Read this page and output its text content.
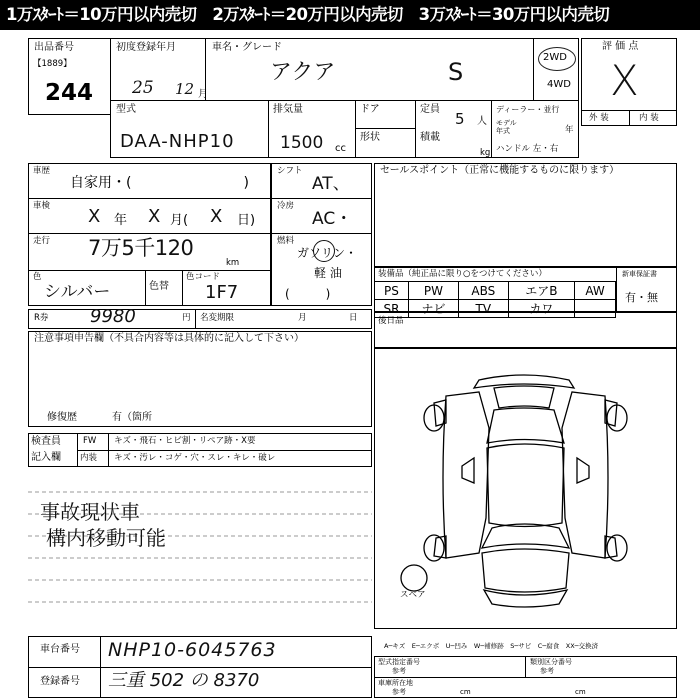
1万ｽﾀｰﾄ＝10万円以内売切　2万ｽﾀｰﾄ＝20万円以内売切　3万ｽﾀｰﾄ＝30万円以内売切
出品番号
【1889】
244
初度登録年月
25 12 月
車名・グレード
アクア	S
2WD
4WD
評 価 点
X
外 装	内 装
型式
DAA-NHP10
排気量
1500 cc
ドア
形状
定員
5 人
積載
kg
ディーラー・並行
モデル
年式	年
ハンドル 左・右
車歴
自家用・(　　　　　　　　)
車検 X 年 X 月( X 日)
走行 7万5千120
km
色
シルバー	色替
色コード
1F7
シフト
AT、
冷房
AC・
燃料
ガソリン・
軽 油
(　　　)
セールスポイント（正常に機能するものに限ります）
装備品（純正品に限り○をつけてください）
PS	PW	ABS	エアB	AW
SR	ナビ	TV	カワ	
新車保証書
有・無
R券 9980	円 名変期限	月	日 後日品
注意事項申告欄（不具合内容等は具体的に記入して下さい）
修復歴	有（箇所
検査員
記入欄
FW キズ・飛石・ヒビ割・リペア跡・X要
内装 キズ・汚レ・コゲ・穴・スレ・キレ・破レ
事故現状車
構内移動可能
スペア
A─キズ　E─エクボ　U─凹み　W─補修跡　S─サビ　C─腐食　XX─交換済
車台番号 NHP10-6045763
登録番号 三重 502 の 8370
型式指定番号
参考
類別区分番号
参考
車庫所在地
参考	cm	cm
